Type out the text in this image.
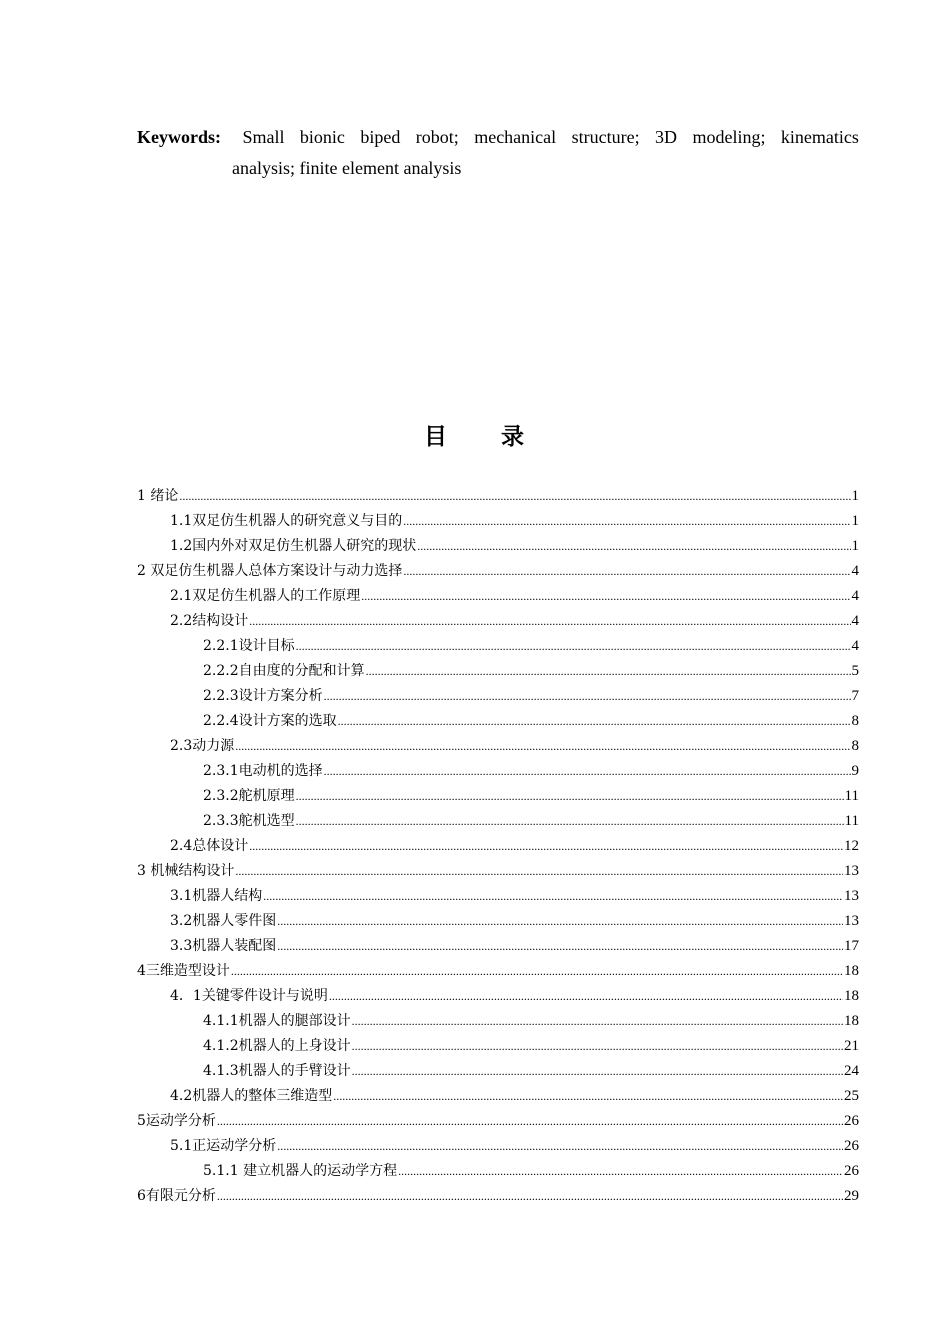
Keywords: Small bionic biped robot; mechanical structure; 3D modeling; kinematics
analysis; finite element analysis
目 录
1 绪论 .....	1
1.1双足仿生机器人的研究意义与目的 .....	1
1.2国内外对双足仿生机器人研究的现状 .....	1
2 双足仿生机器人总体方案设计与动力选择 .....	4
2.1双足仿生机器人的工作原理 .....	4
2.2结构设计 .....	4
2.2.1设计目标 .....	4
2.2.2自由度的分配和计算 .....	5
2.2.3设计方案分析 .....	7
2.2.4设计方案的选取 .....	8
2.3动力源 .....	8
2.3.1电动机的选择 .....	9
2.3.2舵机原理 .....	11
2.3.3舵机选型 .....	11
2.4总体设计 .....	12
3 机械结构设计 .....	13
3.1机器人结构 .....	13
3.2机器人零件图 .....	13
3.3机器人装配图 .....	17
4三维造型设计 .....	18
4．1关键零件设计与说明 .....	18
4.1.1机器人的腿部设计 .....	18
4.1.2机器人的上身设计 .....	21
4.1.3机器人的手臂设计 .....	24
4.2机器人的整体三维造型 .....	25
5运动学分析 .....	26
5.1正运动学分析 .....	26
5.1.1 建立机器人的运动学方程 .....	26
6有限元分析 .....	29
